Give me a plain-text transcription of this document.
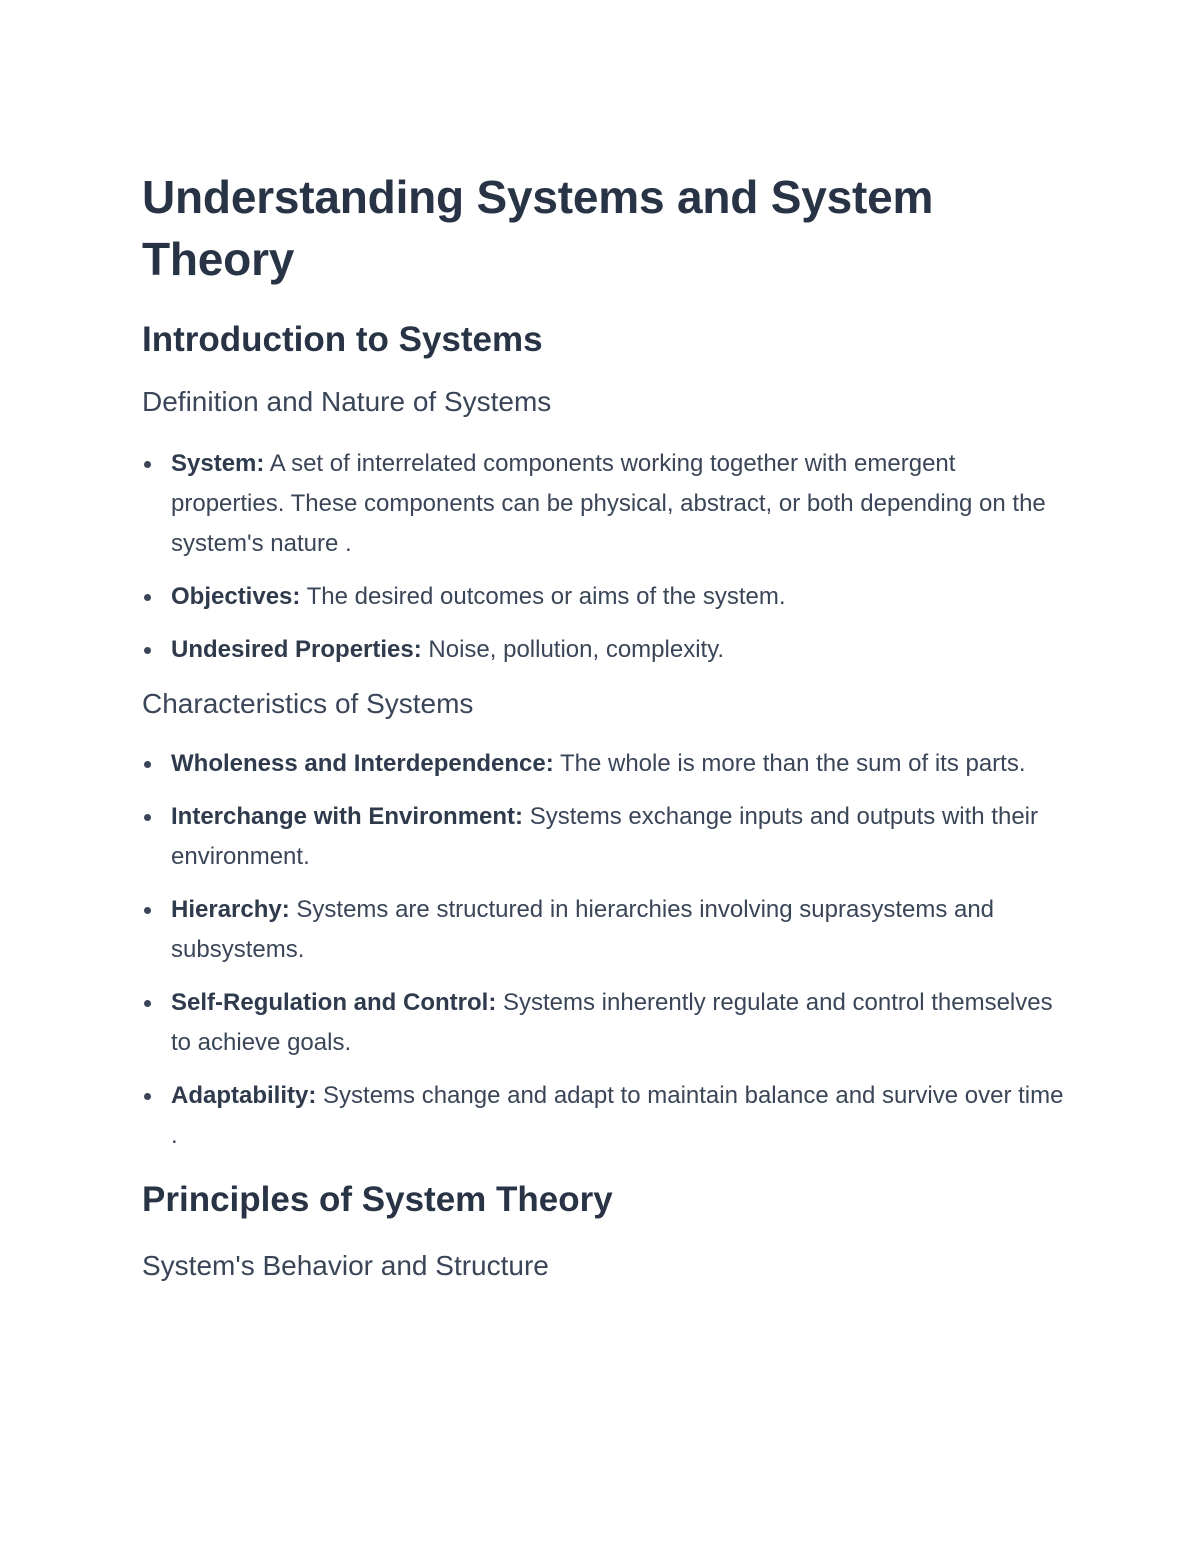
Understanding Systems and System Theory
Introduction to Systems
Definition and Nature of Systems
System: A set of interrelated components working together with emergent properties. These components can be physical, abstract, or both depending on the system's nature .
Objectives: The desired outcomes or aims of the system.
Undesired Properties: Noise, pollution, complexity.
Characteristics of Systems
Wholeness and Interdependence: The whole is more than the sum of its parts.
Interchange with Environment: Systems exchange inputs and outputs with their environment.
Hierarchy: Systems are structured in hierarchies involving suprasystems and subsystems.
Self-Regulation and Control: Systems inherently regulate and control themselves to achieve goals.
Adaptability: Systems change and adapt to maintain balance and survive over time .
Principles of System Theory
System's Behavior and Structure
